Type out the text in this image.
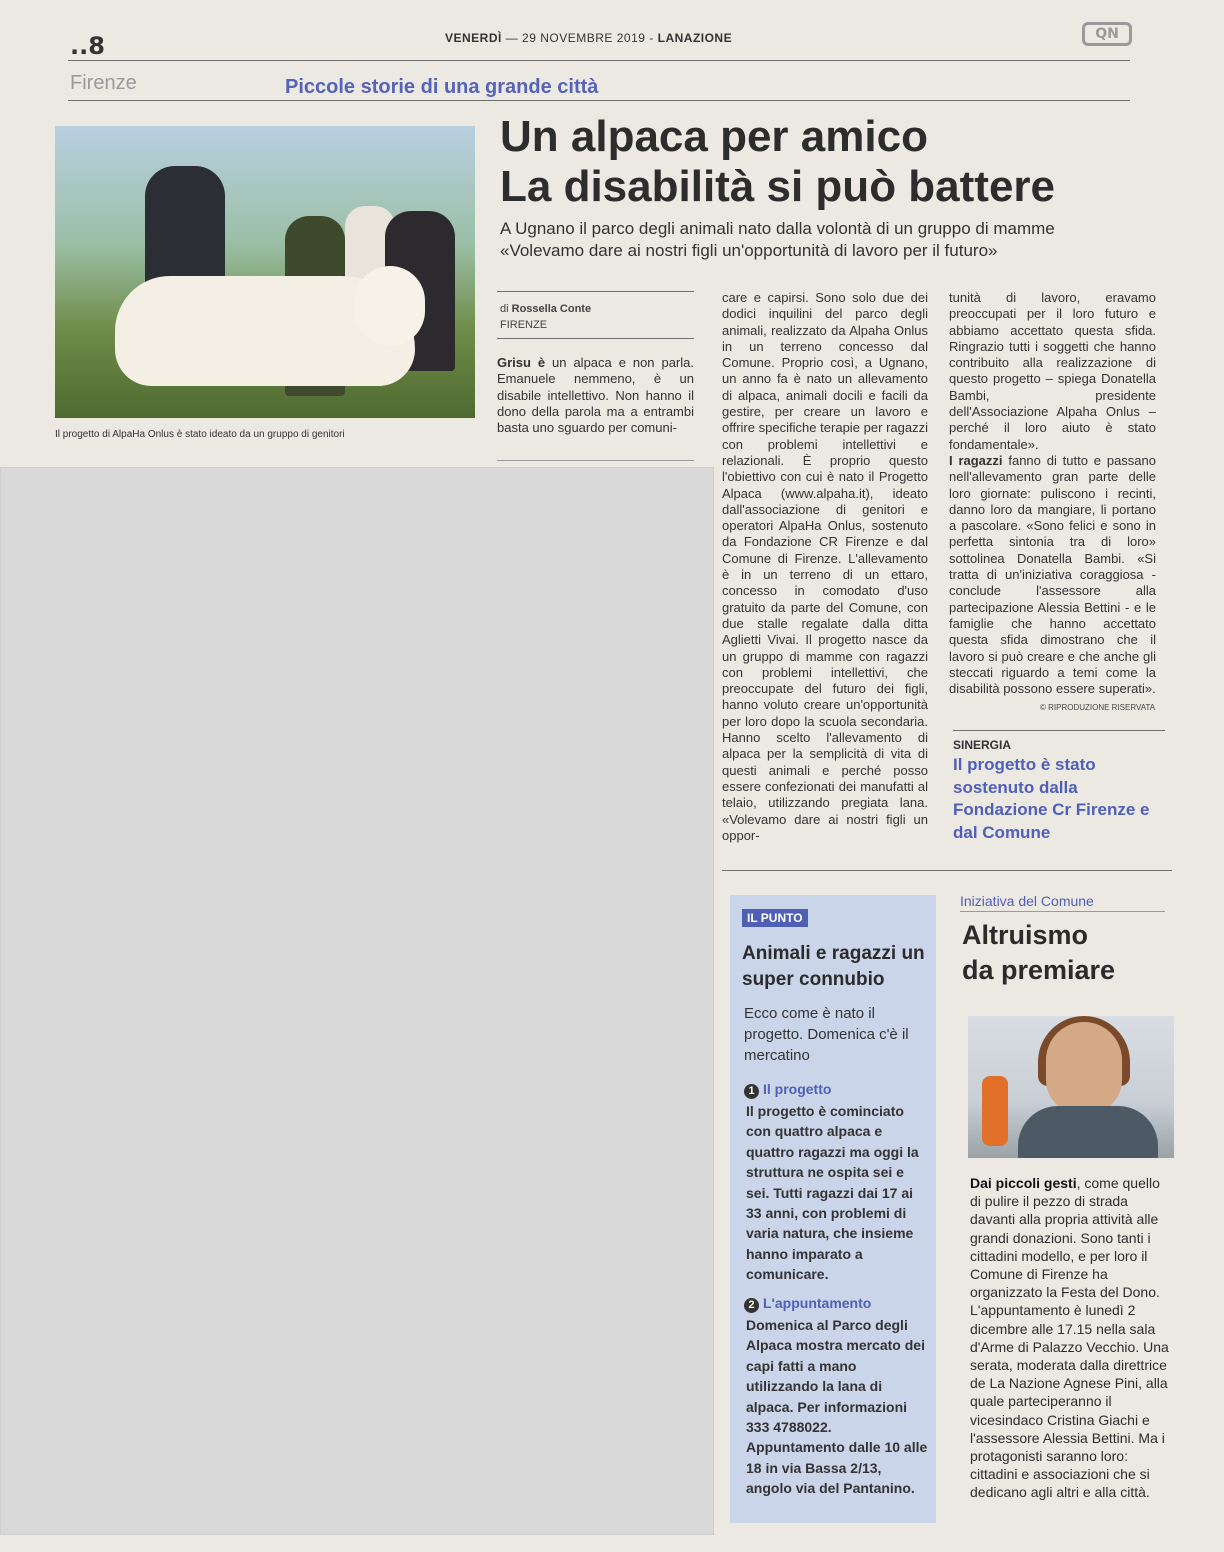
..8	VENERDÌ — 29 NOVEMBRE 2019 - LANAZIONE	QN
Firenze	Piccole storie di una grande città
Il progetto di AlpaHa Onlus è stato ideato da un gruppo di genitori
Un alpaca per amico
La disabilità si può battere
A Ugnano il parco degli animali nato dalla volontà di un gruppo di mamme
«Volevamo dare ai nostri figli un'opportunità di lavoro per il futuro»
di Rossella Conte
FIRENZE
Grisu è un alpaca e non parla. Emanuele nemmeno, è un disabile intellettivo. Non hanno il dono della parola ma a entrambi basta uno sguardo per comuni-
care e capirsi. Sono solo due dei dodici inquilini del parco degli animali, realizzato da Alpaha Onlus in un terreno concesso dal Comune. Proprio così, a Ugnano, un anno fa è nato un allevamento di alpaca, animali docili e facili da gestire, per creare un lavoro e offrire specifiche terapie per ragazzi con problemi intellettivi e relazionali. È proprio questo l'obiettivo con cui è nato il Progetto Alpaca (www.alpaha.it), ideato dall'associazione di genitori e operatori AlpaHa Onlus, sostenuto da Fondazione CR Firenze e dal Comune di Firenze. L'allevamento è in un terreno di un ettaro, concesso in comodato d'uso gratuito da parte del Comune, con due stalle regalate dalla ditta Aglietti Vivai. Il progetto nasce da un gruppo di mamme con ragazzi con problemi intellettivi, che preoccupate del futuro dei figli, hanno voluto creare un'opportunità per loro dopo la scuola secondaria. Hanno scelto l'allevamento di alpaca per la semplicità di vita di questi animali e perché posso essere confezionati dei manufatti al telaio, utilizzando pregiata lana. «Volevamo dare ai nostri figli un oppor-
tunità di lavoro, eravamo preoccupati per il loro futuro e abbiamo accettato questa sfida. Ringrazio tutti i soggetti che hanno contribuito alla realizzazione di questo progetto – spiega Donatella Bambi, presidente dell'Associazione Alpaha Onlus – perché il loro aiuto è stato fondamentale».
I ragazzi fanno di tutto e passano nell'allevamento gran parte delle loro giornate: puliscono i recinti, danno loro da mangiare, li portano a pascolare. «Sono felici e sono in perfetta sintonia tra di loro» sottolinea Donatella Bambi. «Si tratta di un'iniziativa coraggiosa - conclude l'assessore alla partecipazione Alessia Bettini - e le famiglie che hanno accettato questa sfida dimostrano che il lavoro si può creare e che anche gli steccati riguardo a temi come la disabilità possono essere superati».
© RIPRODUZIONE RISERVATA
SINERGIA
Il progetto è stato sostenuto dalla Fondazione Cr Firenze e dal Comune
IL PUNTO
Animali e ragazzi un super connubio
Ecco come è nato il progetto. Domenica c'è il mercatino
1 Il progetto
Il progetto è cominciato con quattro alpaca e quattro ragazzi ma oggi la struttura ne ospita sei e sei. Tutti ragazzi dai 17 ai 33 anni, con problemi di varia natura, che insieme hanno imparato a comunicare.
2 L'appuntamento
Domenica al Parco degli Alpaca mostra mercato dei capi fatti a mano utilizzando la lana di alpaca. Per informazioni 333 4788022. Appuntamento dalle 10 alle 18 in via Bassa 2/13, angolo via del Pantanino.
Iniziativa del Comune
Altruismo
da premiare
Dai piccoli gesti, come quello di pulire il pezzo di strada davanti alla propria attività alle grandi donazioni. Sono tanti i cittadini modello, e per loro il Comune di Firenze ha organizzato la Festa del Dono. L'appuntamento è lunedì 2 dicembre alle 17.15 nella sala d'Arme di Palazzo Vecchio. Una serata, moderata dalla direttrice de La Nazione Agnese Pini, alla quale parteciperanno il vicesindaco Cristina Giachi e l'assessore Alessia Bettini. Ma i protagonisti saranno loro: cittadini e associazioni che si dedicano agli altri e alla città.
